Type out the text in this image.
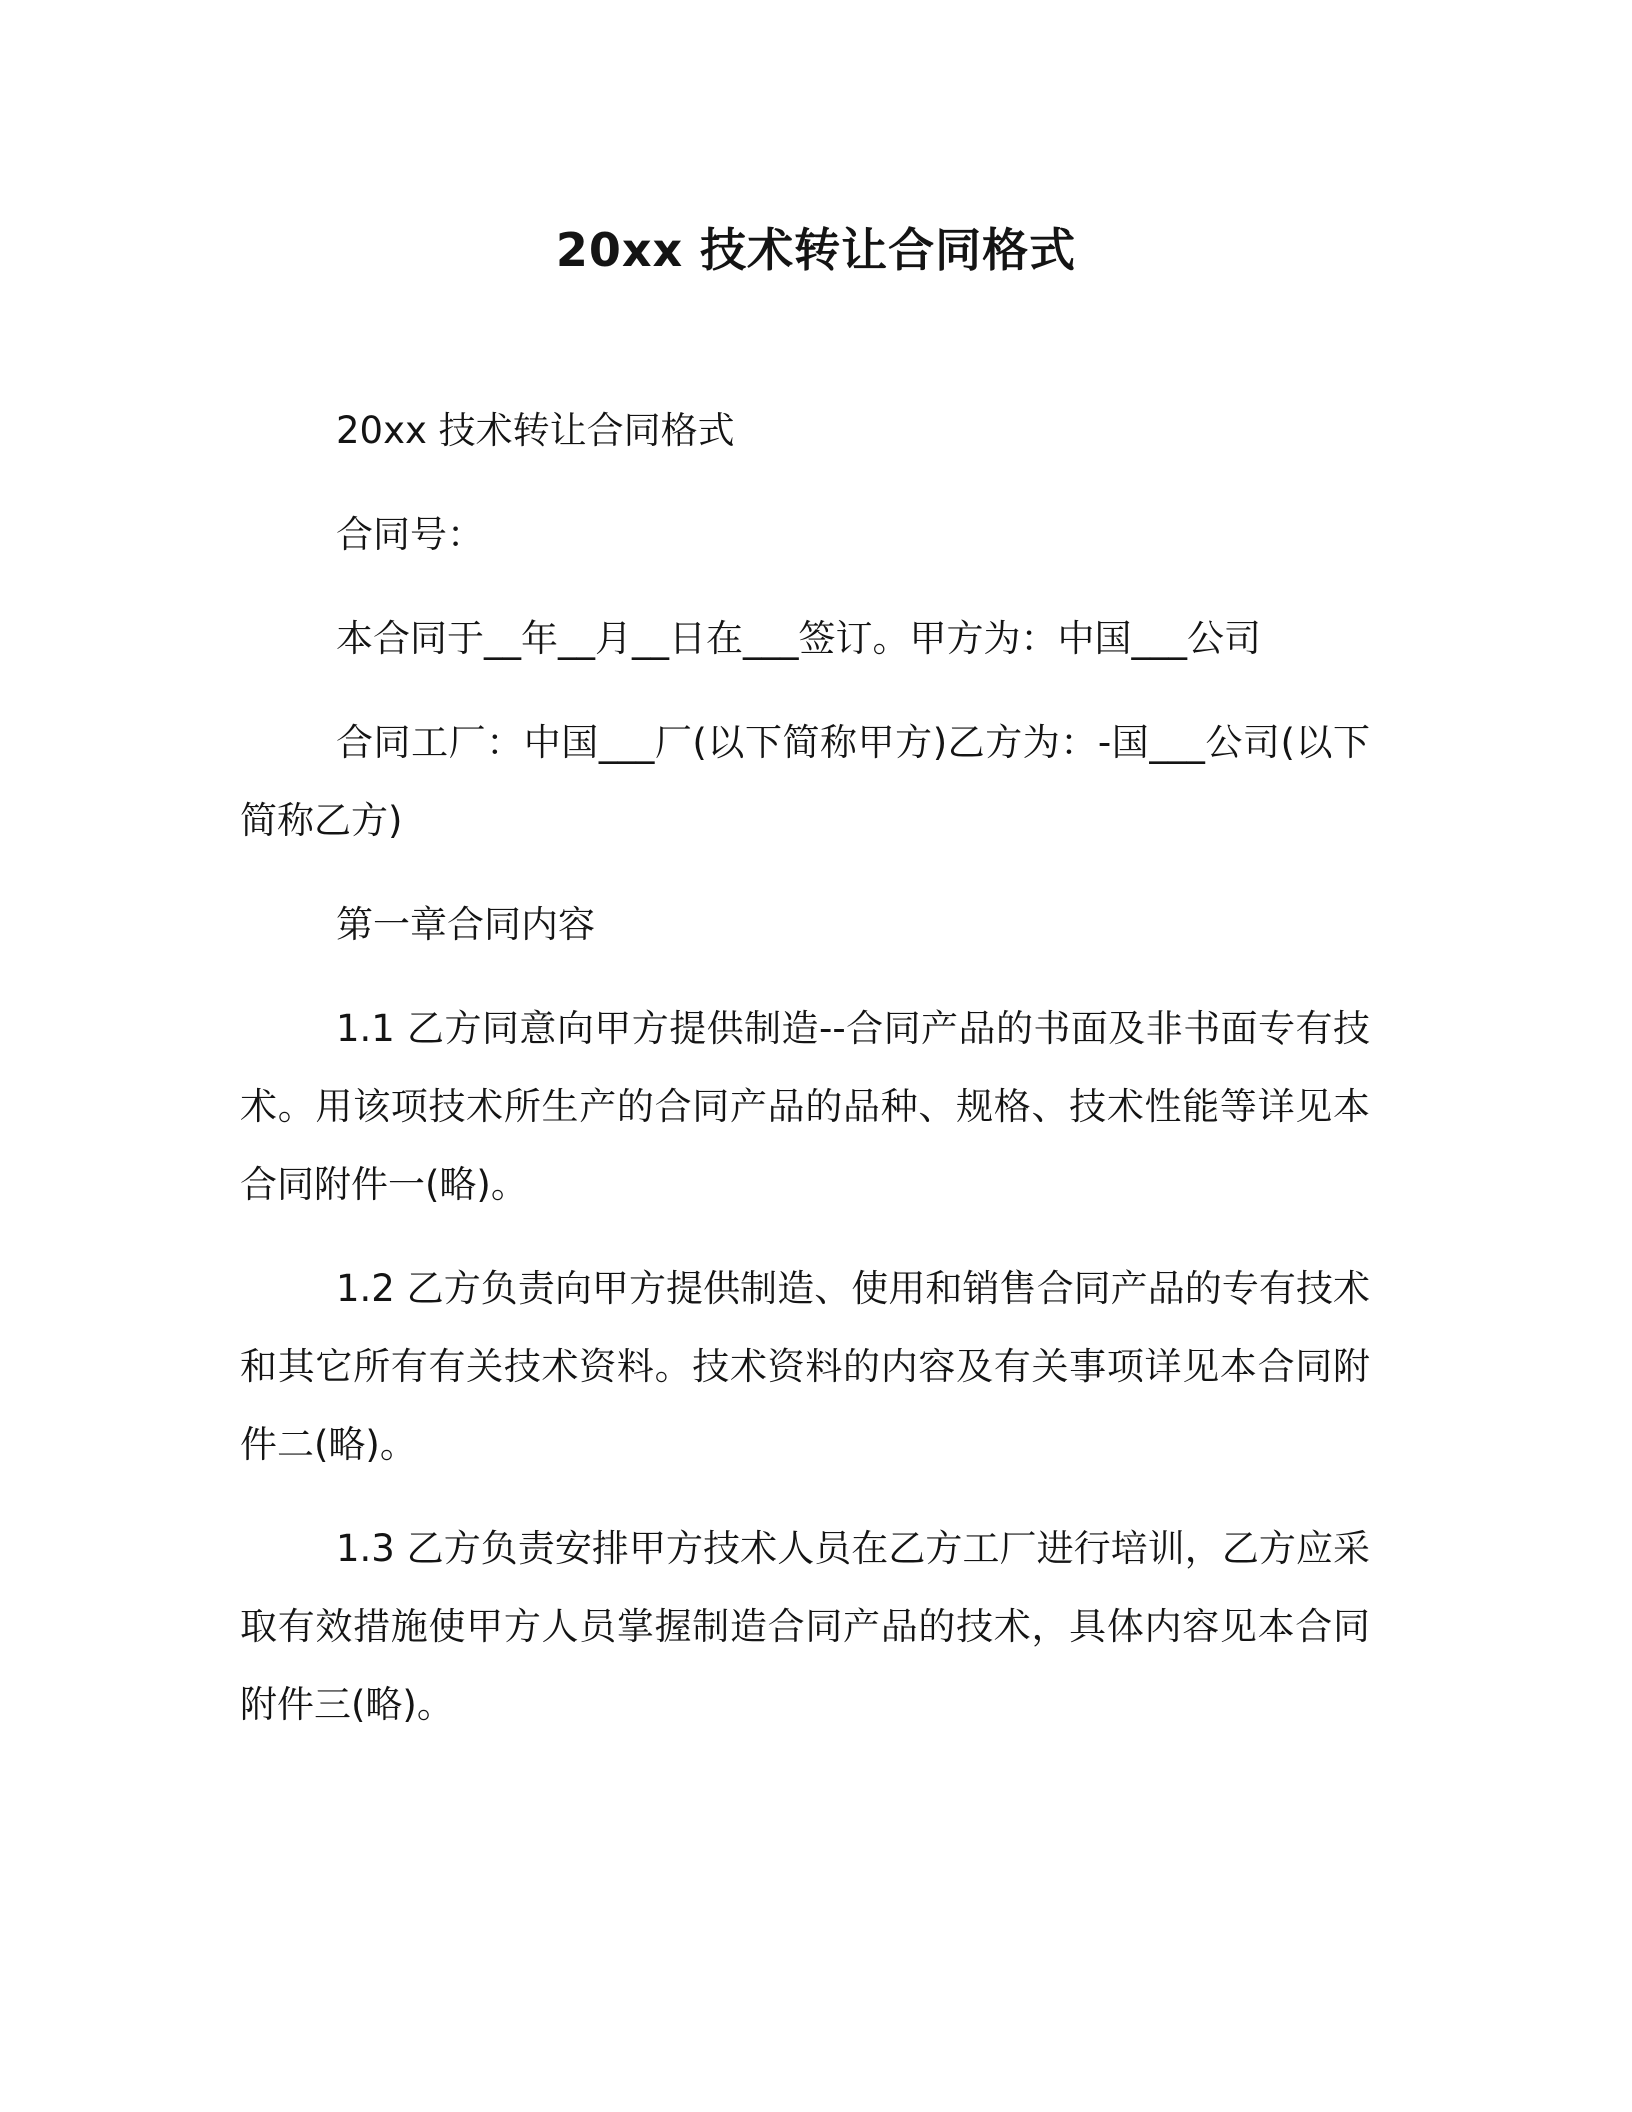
20xx 技术转让合同格式

20xx 技术转让合同格式

合同号：

本合同于__年__月__日在___签订。甲方为：中国___公司

合同工厂：中国___厂(以下简称甲方)乙方为：-国___公司(以下简称乙方)

第一章合同内容

1.1 乙方同意向甲方提供制造--合同产品的书面及非书面专有技术。用该项技术所生产的合同产品的品种、规格、技术性能等详见本合同附件一(略)。

1.2 乙方负责向甲方提供制造、使用和销售合同产品的专有技术和其它所有有关技术资料。技术资料的内容及有关事项详见本合同附件二(略)。

1.3 乙方负责安排甲方技术人员在乙方工厂进行培训，乙方应采取有效措施使甲方人员掌握制造合同产品的技术，具体内容见本合同附件三(略)。
